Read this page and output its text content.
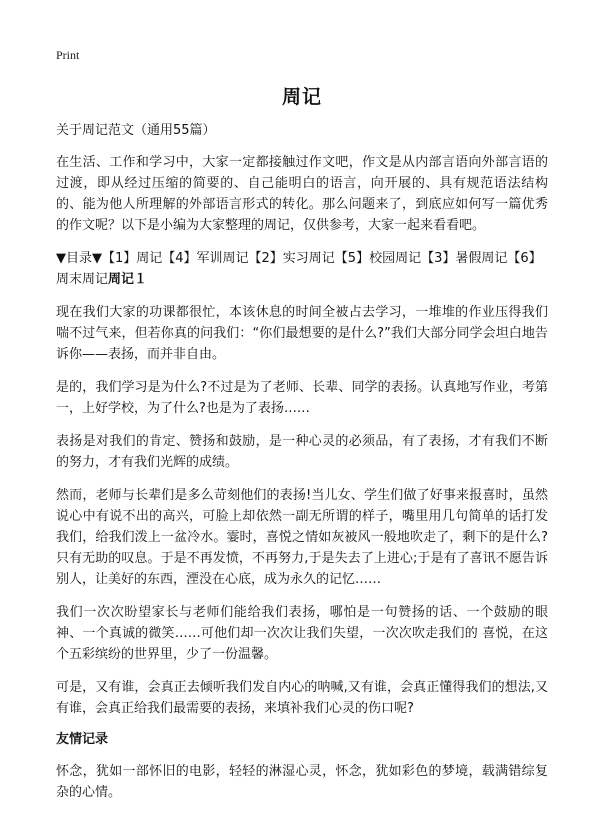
Print
周记
关于周记范文（通用55篇）

在生活、工作和学习中，大家一定都接触过作文吧，作文是从内部言语向外部言语的过渡，即从经过压缩的简要的、自己能明白的语言，向开展的、具有规范语法结构的、能为他人所理解的外部语言形式的转化。那么问题来了，到底应如何写一篇优秀的作文呢？以下是小编为大家整理的周记，仅供参考，大家一起来看看吧。

▼目录▼【1】周记【4】军训周记【2】实习周记【5】校园周记【3】暑假周记【6】周末周记周记１

现在我们大家的功课都很忙，本该休息的时间全被占去学习，一堆堆的作业压得我们喘不过气来，但若你真的问我们：“你们最想要的是什么?”我们大部分同学会坦白地告诉你——表扬，而并非自由。

是的，我们学习是为什么?不过是为了老师、长辈、同学的表扬。认真地写作业，考第一，上好学校，为了什么?也是为了表扬……

表扬是对我们的肯定、赞扬和鼓励，是一种心灵的必须品，有了表扬，才有我们不断的努力，才有我们光辉的成绩。

然而，老师与长辈们是多么苛刻他们的表扬!当儿女、学生们做了好事来报喜时，虽然说心中有说不出的高兴，可脸上却依然一副无所谓的样子，嘴里用几句简单的话打发我们，给我们泼上一盆冷水。霎时，喜悦之情如灰被风一般地吹走了，剩下的是什么?只有无助的叹息。于是不再发愤，不再努力,于是失去了上进心;于是有了喜讯不愿告诉别人，让美好的东西，湮没在心底，成为永久的记忆……

我们一次次盼望家长与老师们能给我们表扬，哪怕是一句赞扬的话、一个鼓励的眼神、一个真诚的微笑……可他们却一次次让我们失望，一次次吹走我们的 喜悦，在这个五彩缤纷的世界里，少了一份温馨。

可是，又有谁，会真正去倾听我们发自内心的呐喊,又有谁，会真正懂得我们的想法,又有谁，会真正给我们最需要的表扬，来填补我们心灵的伤口呢?

友情记录

怀念，犹如一部怀旧的电影，轻轻的淋湿心灵，怀念，犹如彩色的梦境，载满错综复杂的心情。
